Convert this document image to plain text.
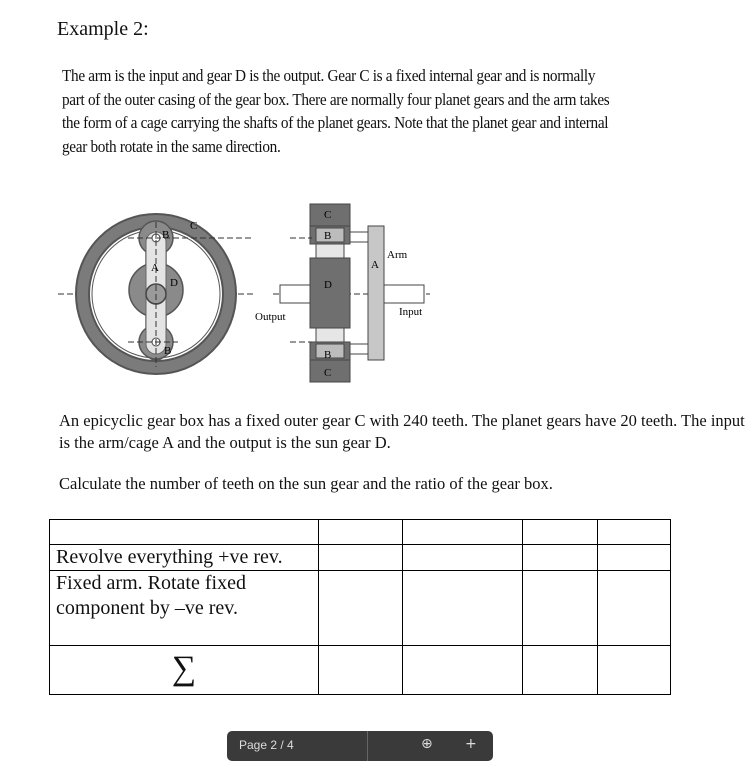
Example 2:
The arm is the input and gear D is the output. Gear C is a fixed internal gear and is normally part of the outer casing of the gear box. There are normally four planet gears and the arm takes the form of a cage carrying the shafts of the planet gears. Note that the planet gear and internal gear both rotate in the same direction.
C
B
A
D
B
C
B
D
B
C
A
Arm
Input
Output
An epicyclic gear box has a fixed outer gear C with 240 teeth. The planet gears have 20 teeth. The input is the arm/cage A and the output is the sun gear D.
Calculate the number of teeth on the sun gear and the ratio of the gear box.

Revolve everything +ve rev.				
Fixed arm. Rotate fixed component by –ve rev.				
∑				
Page 2 / 4	⊕ +
